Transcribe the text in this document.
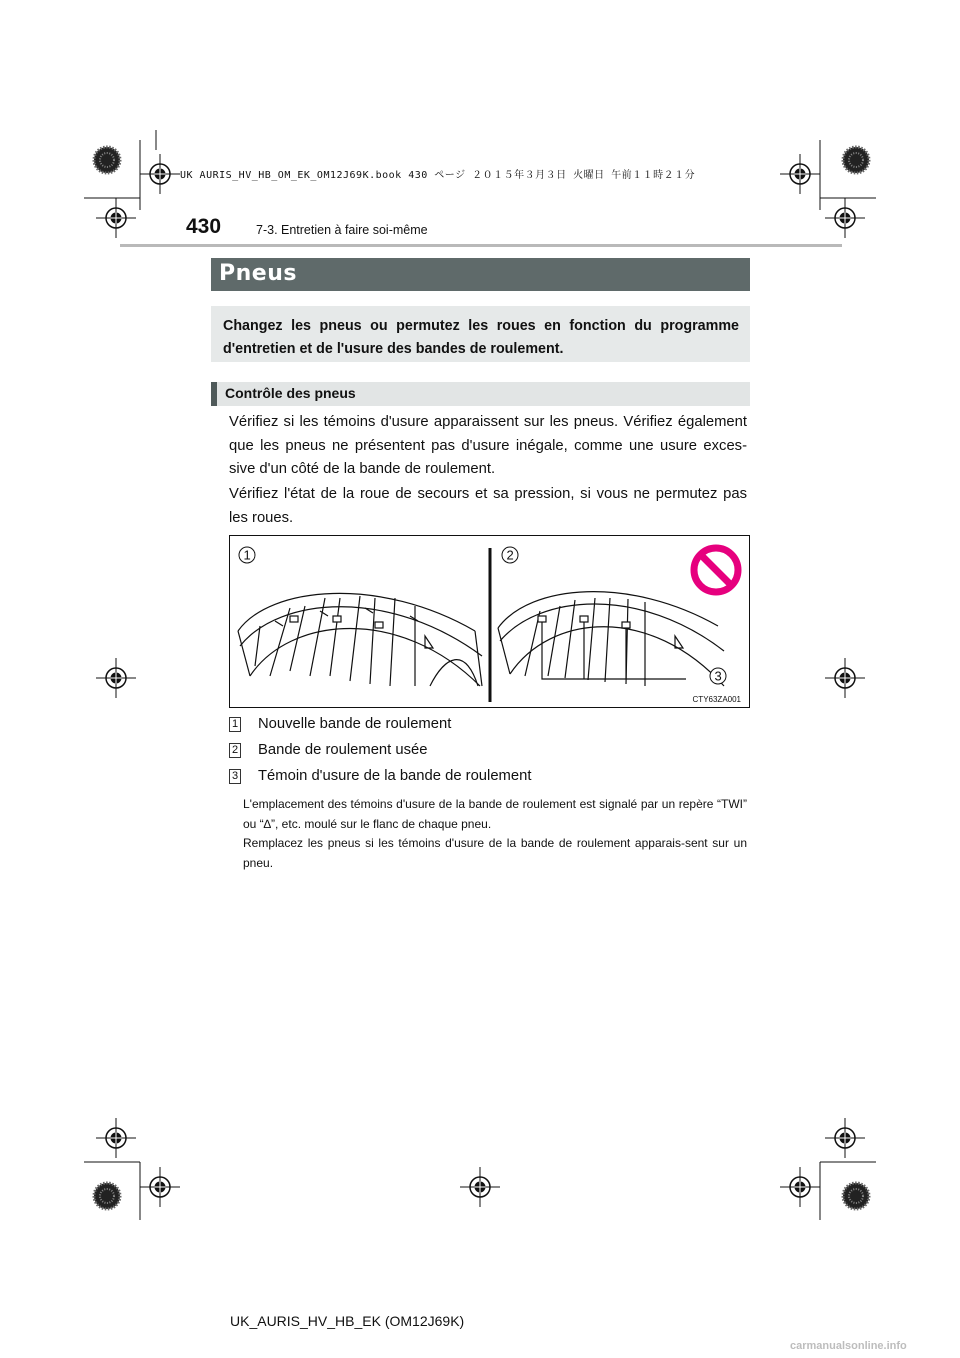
UK AURIS_HV_HB_OM_EK_OM12J69K.book 430 ページ ２０１５年３月３日 火曜日 午前１１時２１分
430	7-3. Entretien à faire soi-même
Pneus

Changez les pneus ou permutez les roues en fonction du programme d'entretien et de l'usure des bandes de roulement.

Contrôle des pneus

Vérifiez si les témoins d'usure apparaissent sur les pneus. Vérifiez également que les pneus ne présentent pas d'usure inégale, comme une usure exces-sive d'un côté de la bande de roulement.

Vérifiez l'état de la roue de secours et sa pression, si vous ne permutez pas les roues.

1	2
3
CTY63ZA001
1 Nouvelle bande de roulement
2 Bande de roulement usée
3 Témoin d'usure de la bande de roulement

L'emplacement des témoins d'usure de la bande de roulement est signalé par un repère “TWI” ou “∆”, etc. moulé sur le flanc de chaque pneu.

Remplacez les pneus si les témoins d'usure de la bande de roulement apparais-sent sur un pneu.

UK_AURIS_HV_HB_EK (OM12J69K)
carmanualsonline.info
